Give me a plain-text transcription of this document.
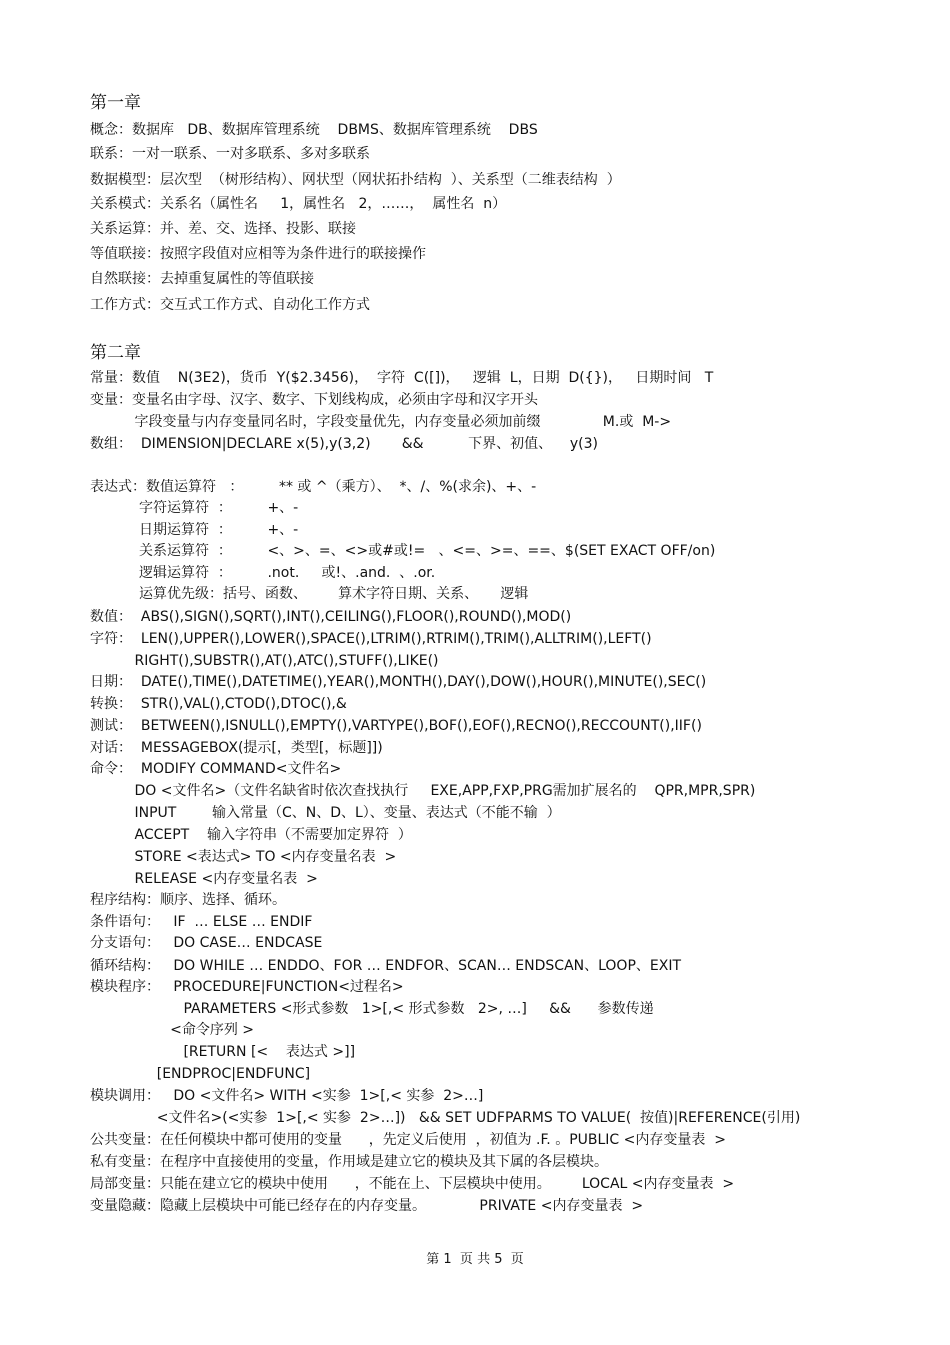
第一章
概念：数据库   DB、数据库管理系统    DBMS、数据库管理系统    DBS
联系：一对一联系、一对多联系、多对多联系
数据模型：层次型  （树形结构）、网状型（网状拓扑结构  ）、关系型（二维表结构  ）
关系模式：关系名（属性名     1，属性名   2，……，  属性名  n）
关系运算：并、差、交、选择、投影、联接
等值联接：按照字段值对应相等为条件进行的联接操作
自然联接：去掉重复属性的等值联接
工作方式：交互式工作方式、自动化工作方式
第二章
常量：数值    N(3E2)，货币  Y($2.3456)，  字符  C([])，   逻辑  L，日期  D({})，   日期时间   T
变量：变量名由字母、汉字、数字、下划线构成，必须由字母和汉字开头
字段变量与内存变量同名时，字段变量优先，内存变量必须加前缀              M.或  M->
数组：  DIMENSION|DECLARE x(5),y(3,2)       &&          下界、初值、    y(3)
表达式：数值运算符   ：        ** 或 ^（乘方）、  *、/、%(求余)、+、-
字符运算符  ：        +、-
日期运算符  ：        +、-
关系运算符  ：        <、>、=、<>或#或!=   、<=、>=、==、$(SET EXACT OFF/on)
逻辑运算符  ：        .not.     或!、.and.  、.or.
运算优先级：括号、函数、       算术字符日期、关系、     逻辑
数值：  ABS(),SIGN(),SQRT(),INT(),CEILING(),FLOOR(),ROUND(),MOD()
字符：  LEN(),UPPER(),LOWER(),SPACE(),LTRIM(),RTRIM(),TRIM(),ALLTRIM(),LEFT()
RIGHT(),SUBSTR(),AT(),ATC(),STUFF(),LIKE()
日期：  DATE(),TIME(),DATETIME(),YEAR(),MONTH(),DAY(),DOW(),HOUR(),MINUTE(),SEC()
转换：  STR(),VAL(),CTOD(),DTOC(),&
测试：  BETWEEN(),ISNULL(),EMPTY(),VARTYPE(),BOF(),EOF(),RECNO(),RECCOUNT(),IIF()
对话：  MESSAGEBOX(提示[，类型[，标题]])
命令：  MODIFY COMMAND<文件名>
DO <文件名>（文件名缺省时依次查找执行     EXE,APP,FXP,PRG需加扩展名的    QPR,MPR,SPR)
INPUT        输入常量（C、N、D、L）、变量、表达式（不能不输  ）
ACCEPT    输入字符串（不需要加定界符  ）
STORE <表达式> TO <内存变量名表  >
RELEASE <内存变量名表  >
程序结构：顺序、选择、循环。
条件语句：   IF  … ELSE … ENDIF
分支语句：   DO CASE… ENDCASE
循环结构：   DO WHILE … ENDDO、FOR … ENDFOR、SCAN… ENDSCAN、LOOP、EXIT
模块程序：   PROCEDURE|FUNCTION<过程名>
PARAMETERS <形式参数   1>[,< 形式参数   2>, …]     &&      参数传递
<命令序列 >
[RETURN [<    表达式 >]]
[ENDPROC|ENDFUNC]
模块调用：   DO <文件名> WITH <实参  1>[,< 实参  2>…]
<文件名>(<实参  1>[,< 实参  2>…])   && SET UDFPARMS TO VALUE(  按值)|REFERENCE(引用)
公共变量：在任何模块中都可使用的变量      ，先定义后使用  ，初值为 .F. 。PUBLIC <内存变量表  >
私有变量：在程序中直接使用的变量，作用域是建立它的模块及其下属的各层模块。
局部变量：只能在建立它的模块中使用      ，不能在上、下层模块中使用。       LOCAL <内存变量表  >
变量隐藏：隐藏上层模块中可能已经存在的内存变量。            PRIVATE <内存变量表  >
第 1  页 共 5  页
